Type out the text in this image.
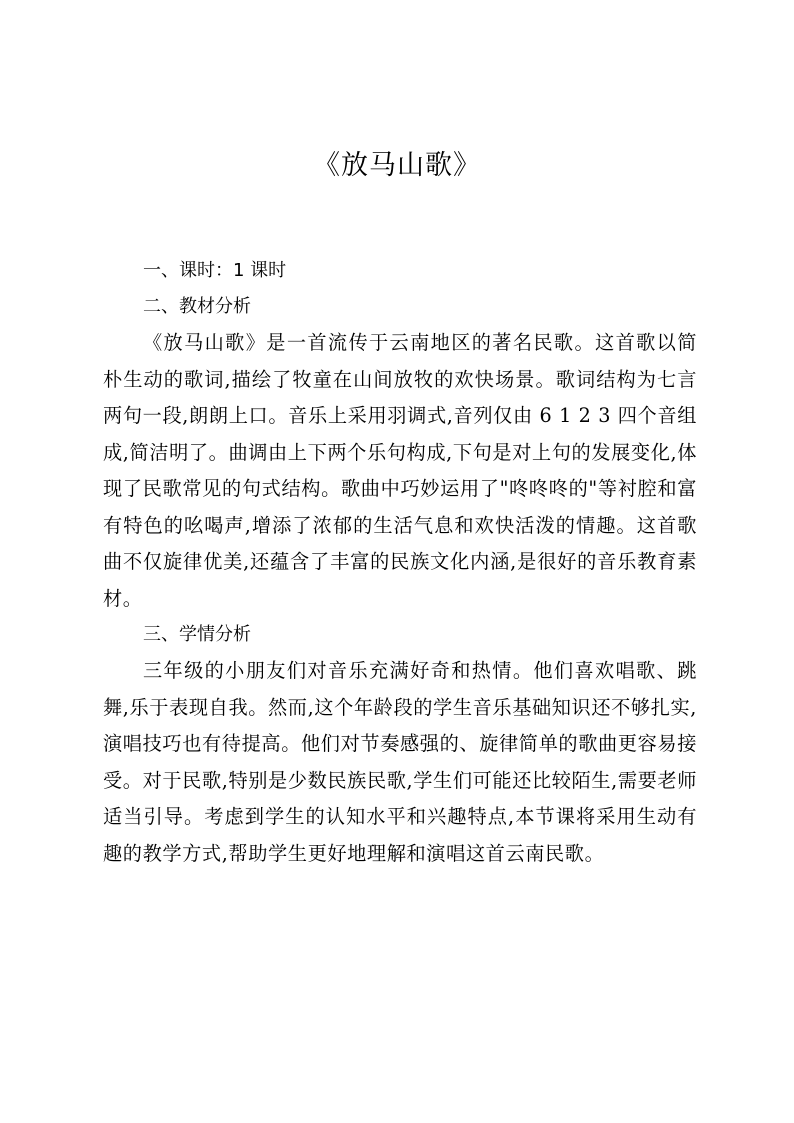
《放马山歌》

一、课时：1 课时

二、教材分析

《放马山歌》是一首流传于云南地区的著名民歌。这首歌以简朴生动的歌词,描绘了牧童在山间放牧的欢快场景。歌词结构为七言两句一段,朗朗上口。音乐上采用羽调式,音列仅由 6 1 2 3 四个音组成,简洁明了。曲调由上下两个乐句构成,下句是对上句的发展变化,体现了民歌常见的句式结构。歌曲中巧妙运用了"咚咚咚的"等衬腔和富有特色的吆喝声,增添了浓郁的生活气息和欢快活泼的情趣。这首歌曲不仅旋律优美,还蕴含了丰富的民族文化内涵,是很好的音乐教育素材。

三、学情分析

三年级的小朋友们对音乐充满好奇和热情。他们喜欢唱歌、跳舞,乐于表现自我。然而,这个年龄段的学生音乐基础知识还不够扎实,演唱技巧也有待提高。他们对节奏感强的、旋律简单的歌曲更容易接受。对于民歌,特别是少数民族民歌,学生们可能还比较陌生,需要老师适当引导。考虑到学生的认知水平和兴趣特点,本节课将采用生动有趣的教学方式,帮助学生更好地理解和演唱这首云南民歌。
